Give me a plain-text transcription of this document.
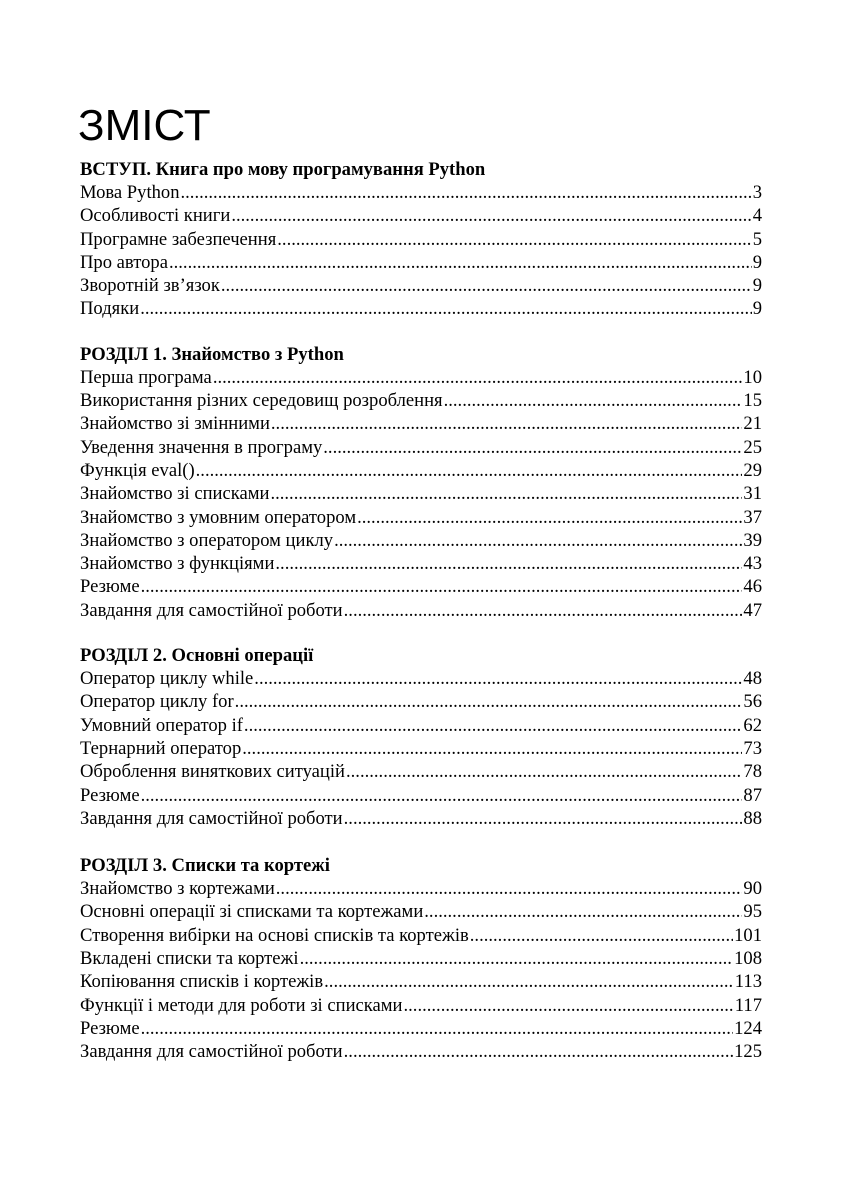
ЗМІСТ
ВСТУП. Книга про мову програмування Python
Мова Python .....	3
Особливості книги .....	4
Програмне забезпечення .....	5
Про автора .....	9
Зворотній зв’язок .....	9
Подяки .....	9
РОЗДІЛ 1. Знайомство з Python
Перша програма .....	10
Використання різних середовищ розроблення .....	15
Знайомство зі змінними .....	21
Уведення значення в програму .....	25
Функція eval() .....	29
Знайомство зі списками .....	31
Знайомство з умовним оператором .....	37
Знайомство з оператором циклу .....	39
Знайомство з функціями .....	43
Резюме .....	46
Завдання для самостійної роботи .....	47
РОЗДІЛ 2. Основні операції
Оператор циклу while .....	48
Оператор циклу for .....	56
Умовний оператор if .....	62
Тернарний оператор .....	73
Оброблення виняткових ситуацій .....	78
Резюме .....	87
Завдання для самостійної роботи .....	88
РОЗДІЛ 3. Списки та кортежі
Знайомство з кортежами .....	90
Основні операції зі списками та кортежами .....	95
Створення вибірки на основі списків та кортежів .....	101
Вкладені списки та кортежі .....	108
Копіювання списків і кортежів .....	113
Функції і методи для роботи зі списками .....	117
Резюме .....	124
Завдання для самостійної роботи .....	125
